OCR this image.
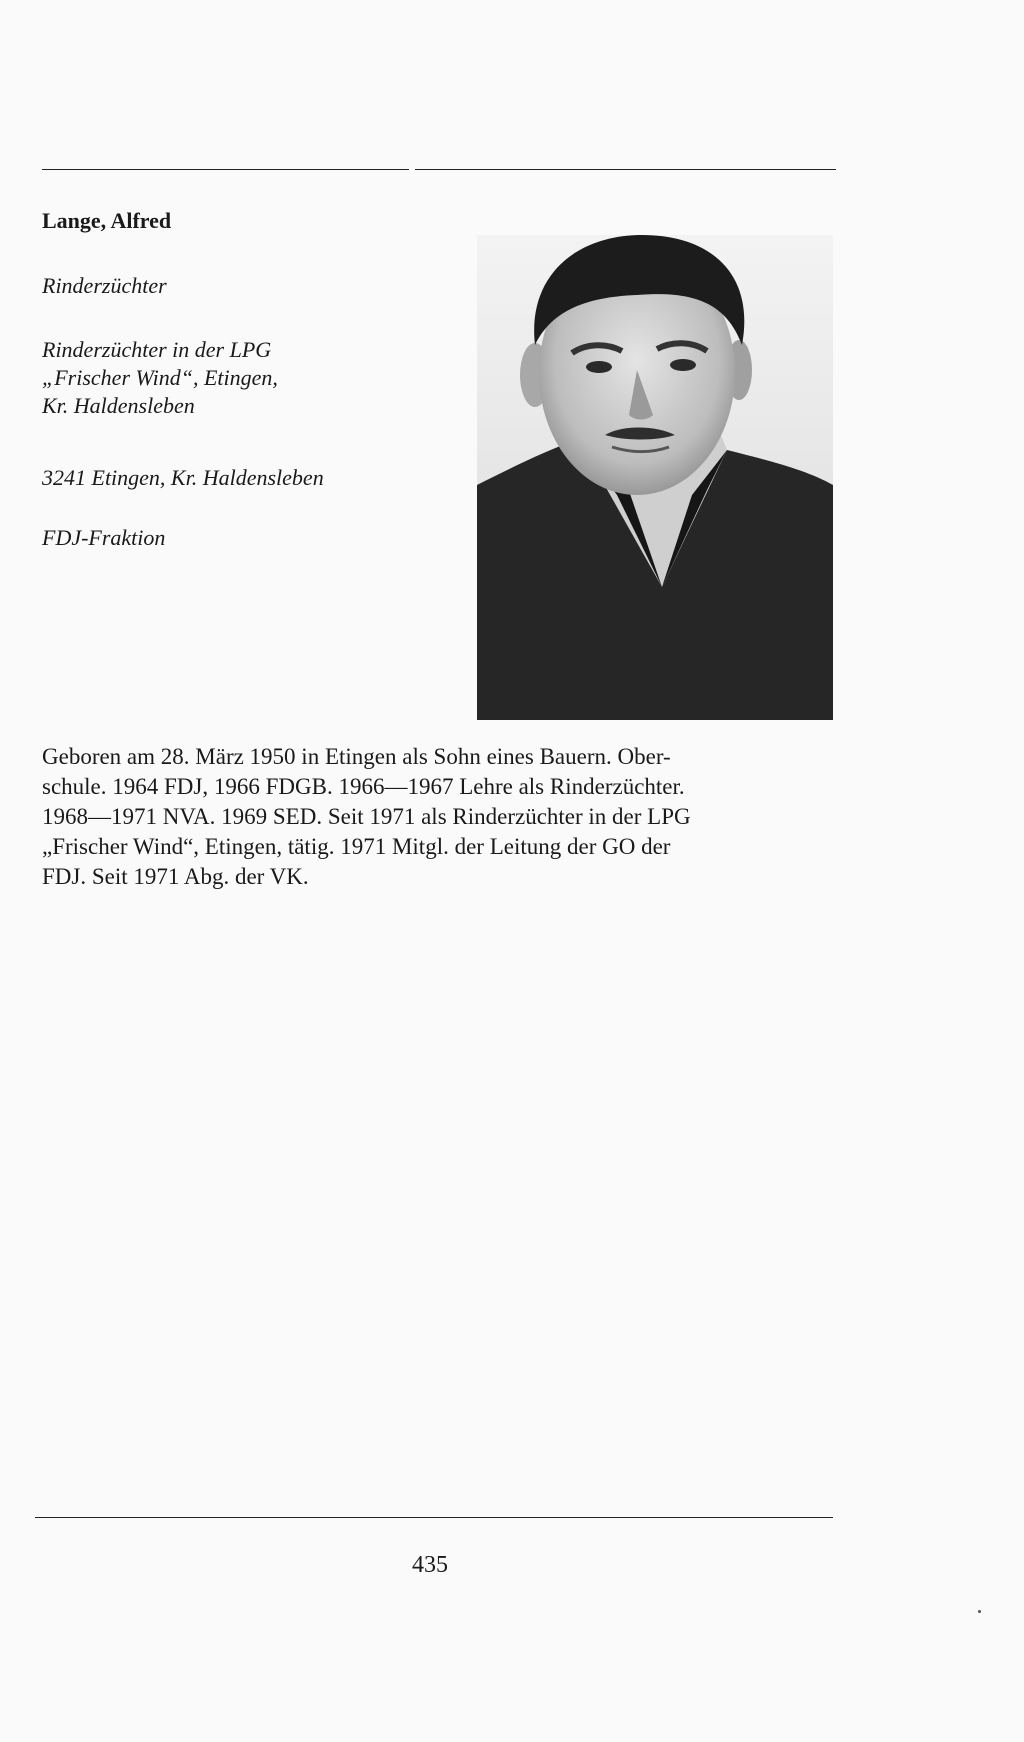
Lange, Alfred
Rinderzüchter
Rinderzüchter in der LPG
„Frischer Wind“, Etingen,
Kr. Haldensleben
3241 Etingen, Kr. Haldensleben
FDJ-Fraktion

Geboren am 28. März 1950 in Etingen als Sohn eines Bauern. Ober-

schule. 1964 FDJ, 1966 FDGB. 1966—1967 Lehre als Rinderzüchter.

1968—1971 NVA. 1969 SED. Seit 1971 als Rinderzüchter in der LPG

„Frischer Wind“, Etingen, tätig. 1971 Mitgl. der Leitung der GO der

FDJ. Seit 1971 Abg. der VK.

435
